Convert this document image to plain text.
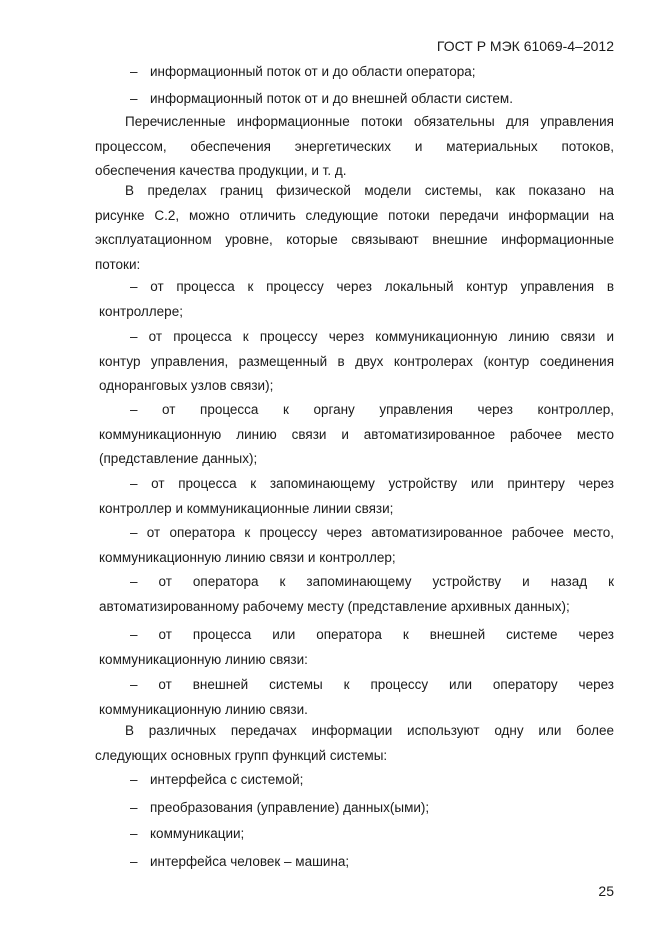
ГОСТ Р МЭК 61069-4–2012
– информационный поток от и до области оператора;
– информационный поток от и до внешней области систем.
Перечисленные информационные потоки обязательны для управления
процессом, обеспечения энергетических и материальных потоков,
обеспечения качества продукции, и т. д.
В пределах границ физической модели системы, как показано на
рисунке С.2, можно отличить следующие потоки передачи информации на
эксплуатационном уровне, которые связывают внешние информационные
потоки:
– от процесса к процессу через локальный контур управления в
контроллере;
– от процесса к процессу через коммуникационную линию связи и
контур управления, размещенный в двух контролерах (контур соединения
одноранговых узлов связи);
– от процесса к органу управления через контроллер,
коммуникационную линию связи и автоматизированное рабочее место
(представление данных);
– от процесса к запоминающему устройству или принтеру через
контроллер и коммуникационные линии связи;
– от оператора к процессу через автоматизированное рабочее место,
коммуникационную линию связи и контроллер;
– от оператора к запоминающему устройству и назад к
автоматизированному рабочему месту (представление архивных данных);
– от процесса или оператора к внешней системе через
коммуникационную линию связи:
– от внешней системы к процессу или оператору через
коммуникационную линию связи.
В различных передачах информации используют одну или более
следующих основных групп функций системы:
– интерфейса с системой;
– преобразования (управление) данных(ыми);
– коммуникации;
– интерфейса человек – машина;
25
